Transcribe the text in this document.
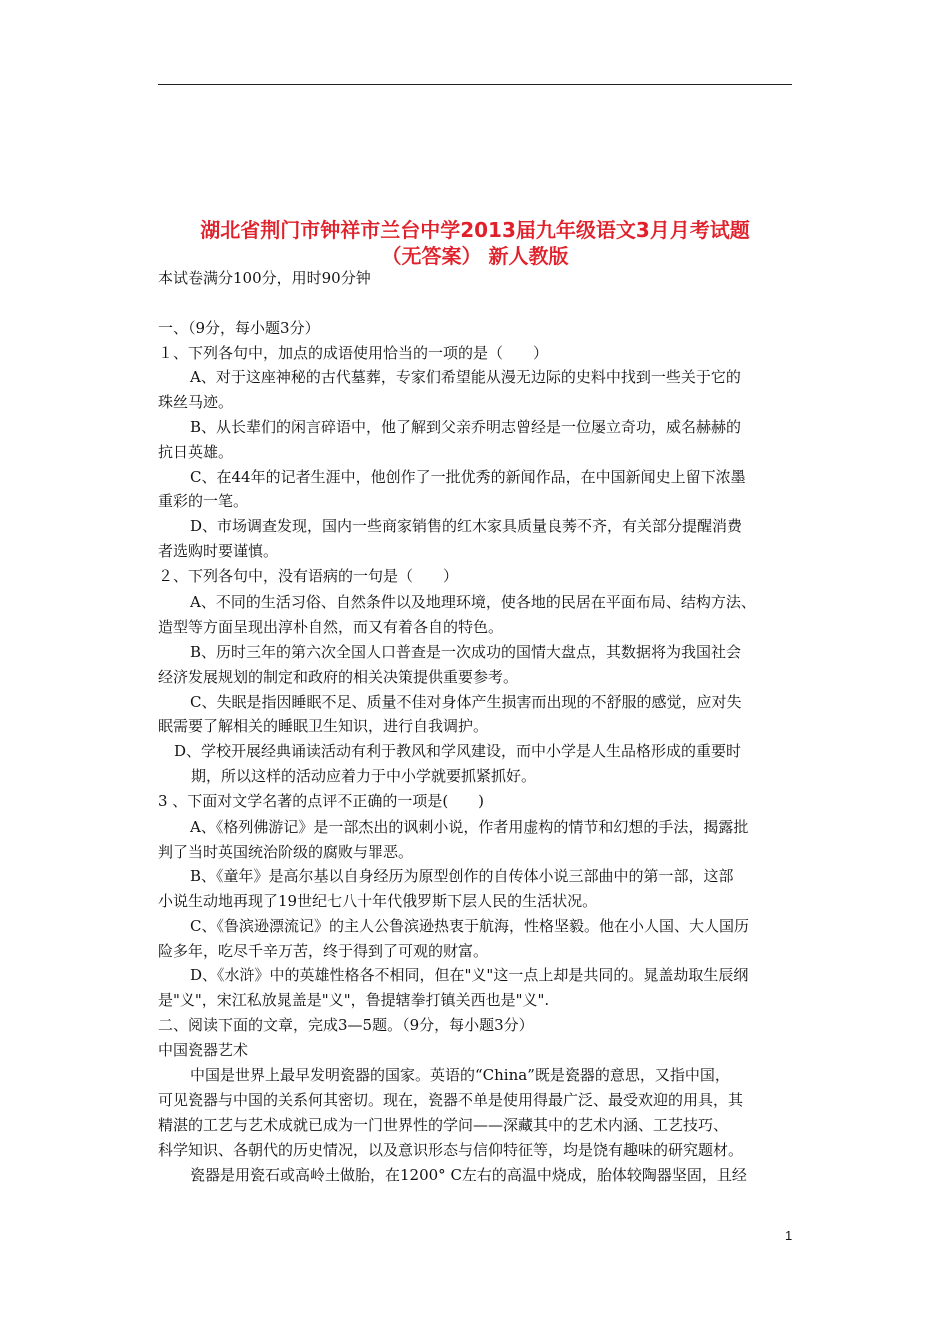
湖北省荆门市钟祥市兰台中学2013届九年级语文3月月考试题
（无答案） 新人教版
本试卷满分100分，用时90分钟
一、（9分，每小题3分）
１、下列各句中，加点的成语使用恰当的一项的是（　　）
A、对于这座神秘的古代墓葬，专家们希望能从漫无边际的史料中找到一些关于它的
珠丝马迹。
B、从长辈们的闲言碎语中，他了解到父亲乔明志曾经是一位屡立奇功，威名赫赫的
抗日英雄。
C、在44年的记者生涯中，他创作了一批优秀的新闻作品，在中国新闻史上留下浓墨
重彩的一笔。
D、市场调查发现，国内一些商家销售的红木家具质量良莠不齐，有关部分提醒消费
者选购时要谨慎。
２、下列各句中，没有语病的一句是（　　）
A、不同的生活习俗、自然条件以及地理环境，使各地的民居在平面布局、结构方法、
造型等方面呈现出淳朴自然，而又有着各自的特色。
B、历时三年的第六次全国人口普查是一次成功的国情大盘点，其数据将为我国社会
经济发展规划的制定和政府的相关决策提供重要参考。
C、失眠是指因睡眠不足、质量不佳对身体产生损害而出现的不舒服的感觉，应对失
眠需要了解相关的睡眠卫生知识，进行自我调护。
D、学校开展经典诵读活动有利于教风和学风建设，而中小学是人生品格形成的重要时
期，所以这样的活动应着力于中小学就要抓紧抓好。
3 、下面对文学名著的点评不正确的一项是(　　)
A、《格列佛游记》是一部杰出的讽刺小说，作者用虚构的情节和幻想的手法，揭露批
判了当时英国统治阶级的腐败与罪恶。
B、《童年》是高尔基以自身经历为原型创作的自传体小说三部曲中的第一部，这部
小说生动地再现了19世纪七八十年代俄罗斯下层人民的生活状况。
C、《鲁滨逊漂流记》的主人公鲁滨逊热衷于航海，性格坚毅。他在小人国、大人国历
险多年，吃尽千辛万苦，终于得到了可观的财富。
D、《水浒》中的英雄性格各不相同，但在"义"这一点上却是共同的。晁盖劫取生辰纲
是"义"，宋江私放晁盖是"义"，鲁提辖拳打镇关西也是"义".
二、阅读下面的文章，完成3—5题。（9分，每小题3分）
中国瓷器艺术
中国是世界上最早发明瓷器的国家。英语的“China”既是瓷器的意思，又指中国，
可见瓷器与中国的关系何其密切。现在，瓷器不单是使用得最广泛、最受欢迎的用具，其
精湛的工艺与艺术成就已成为一门世界性的学问——深藏其中的艺术内涵、工艺技巧、
科学知识、各朝代的历史情况，以及意识形态与信仰特征等，均是饶有趣味的研究题材。
瓷器是用瓷石或高岭土做胎，在1200° C左右的高温中烧成，胎体较陶器坚固，且经
1
